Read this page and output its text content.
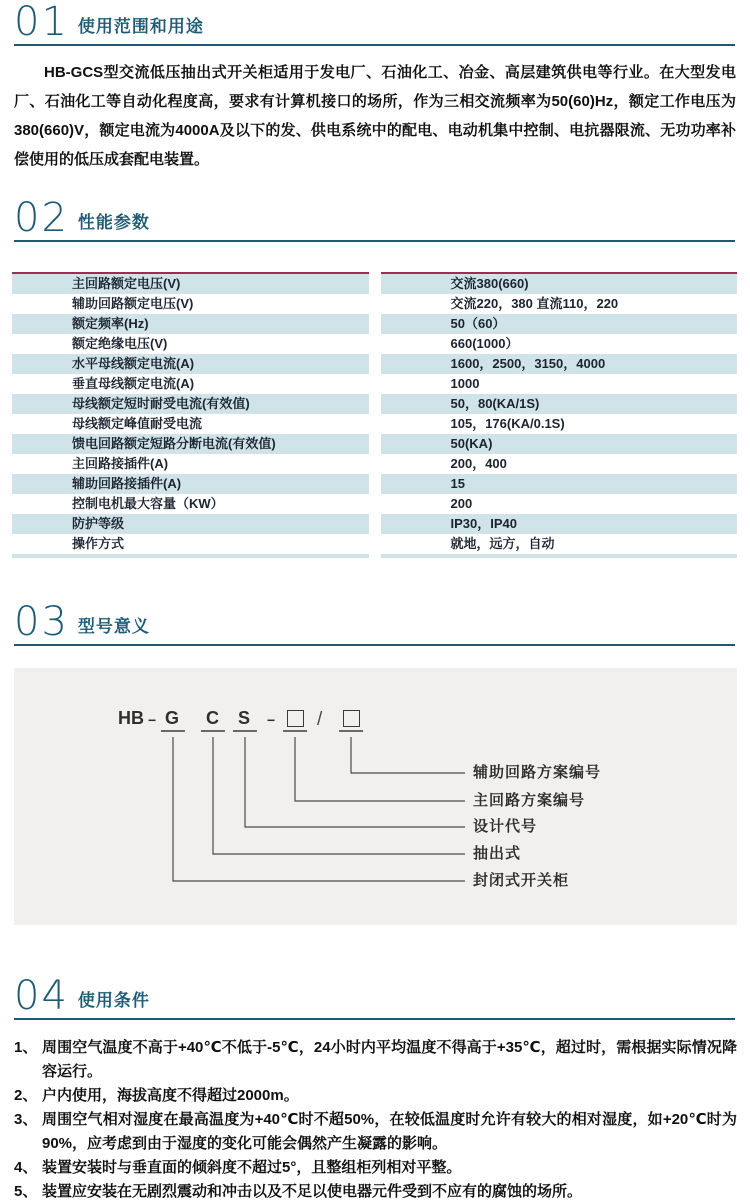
01 使用范围和用途
HB-GCS型交流低压抽出式开关柜适用于发电厂、石油化工、冶金、高层建筑供电等行业。在大型发电厂、石油化工等自动化程度高，要求有计算机接口的场所，作为三相交流频率为50(60)Hz，额定工作电压为380(660)V，额定电流为4000A及以下的发、供电系统中的配电、电动机集中控制、电抗器限流、无功功率补偿使用的低压成套配电装置。
02 性能参数
主回路额定电压(V)
辅助回路额定电压(V)
额定频率(Hz)
额定绝缘电压(V)
水平母线额定电流(A)
垂直母线额定电流(A)
母线额定短时耐受电流(有效值)
母线额定峰值耐受电流
馈电回路额定短路分断电流(有效值)
主回路接插件(A)
辅助回路接插件(A)
控制电机最大容量（KW）
防护等级
操作方式
交流380(660)
交流220，380 直流110，220
50（60）
660(1000）
1600，2500，3150，4000
1000
50，80(KA/1S)
105，176(KA/0.1S)
50(KA)
200，400
15
200
IP30，IP40
就地，远方，自动
03 型号意义
HB − G C S − /
辅助回路方案编号
主回路方案编号
设计代号
抽出式
封闭式开关柜
04 使用条件
1、 周围空气温度不高于+40℃不低于-5℃，24小时内平均温度不得高于+35℃，超过时，需根据实际情况降容运行。
2、 户内使用，海拔高度不得超过2000m。
3、 周围空气相对湿度在最高温度为+40℃时不超50%，在较低温度时允许有较大的相对湿度，如+20℃时为90%，应考虑到由于湿度的变化可能会偶然产生凝露的影响。
4、 装置安装时与垂直面的倾斜度不超过5°，且整组柜列相对平整。
5、 装置应安装在无剧烈震动和冲击以及不足以使电器元件受到不应有的腐蚀的场所。
